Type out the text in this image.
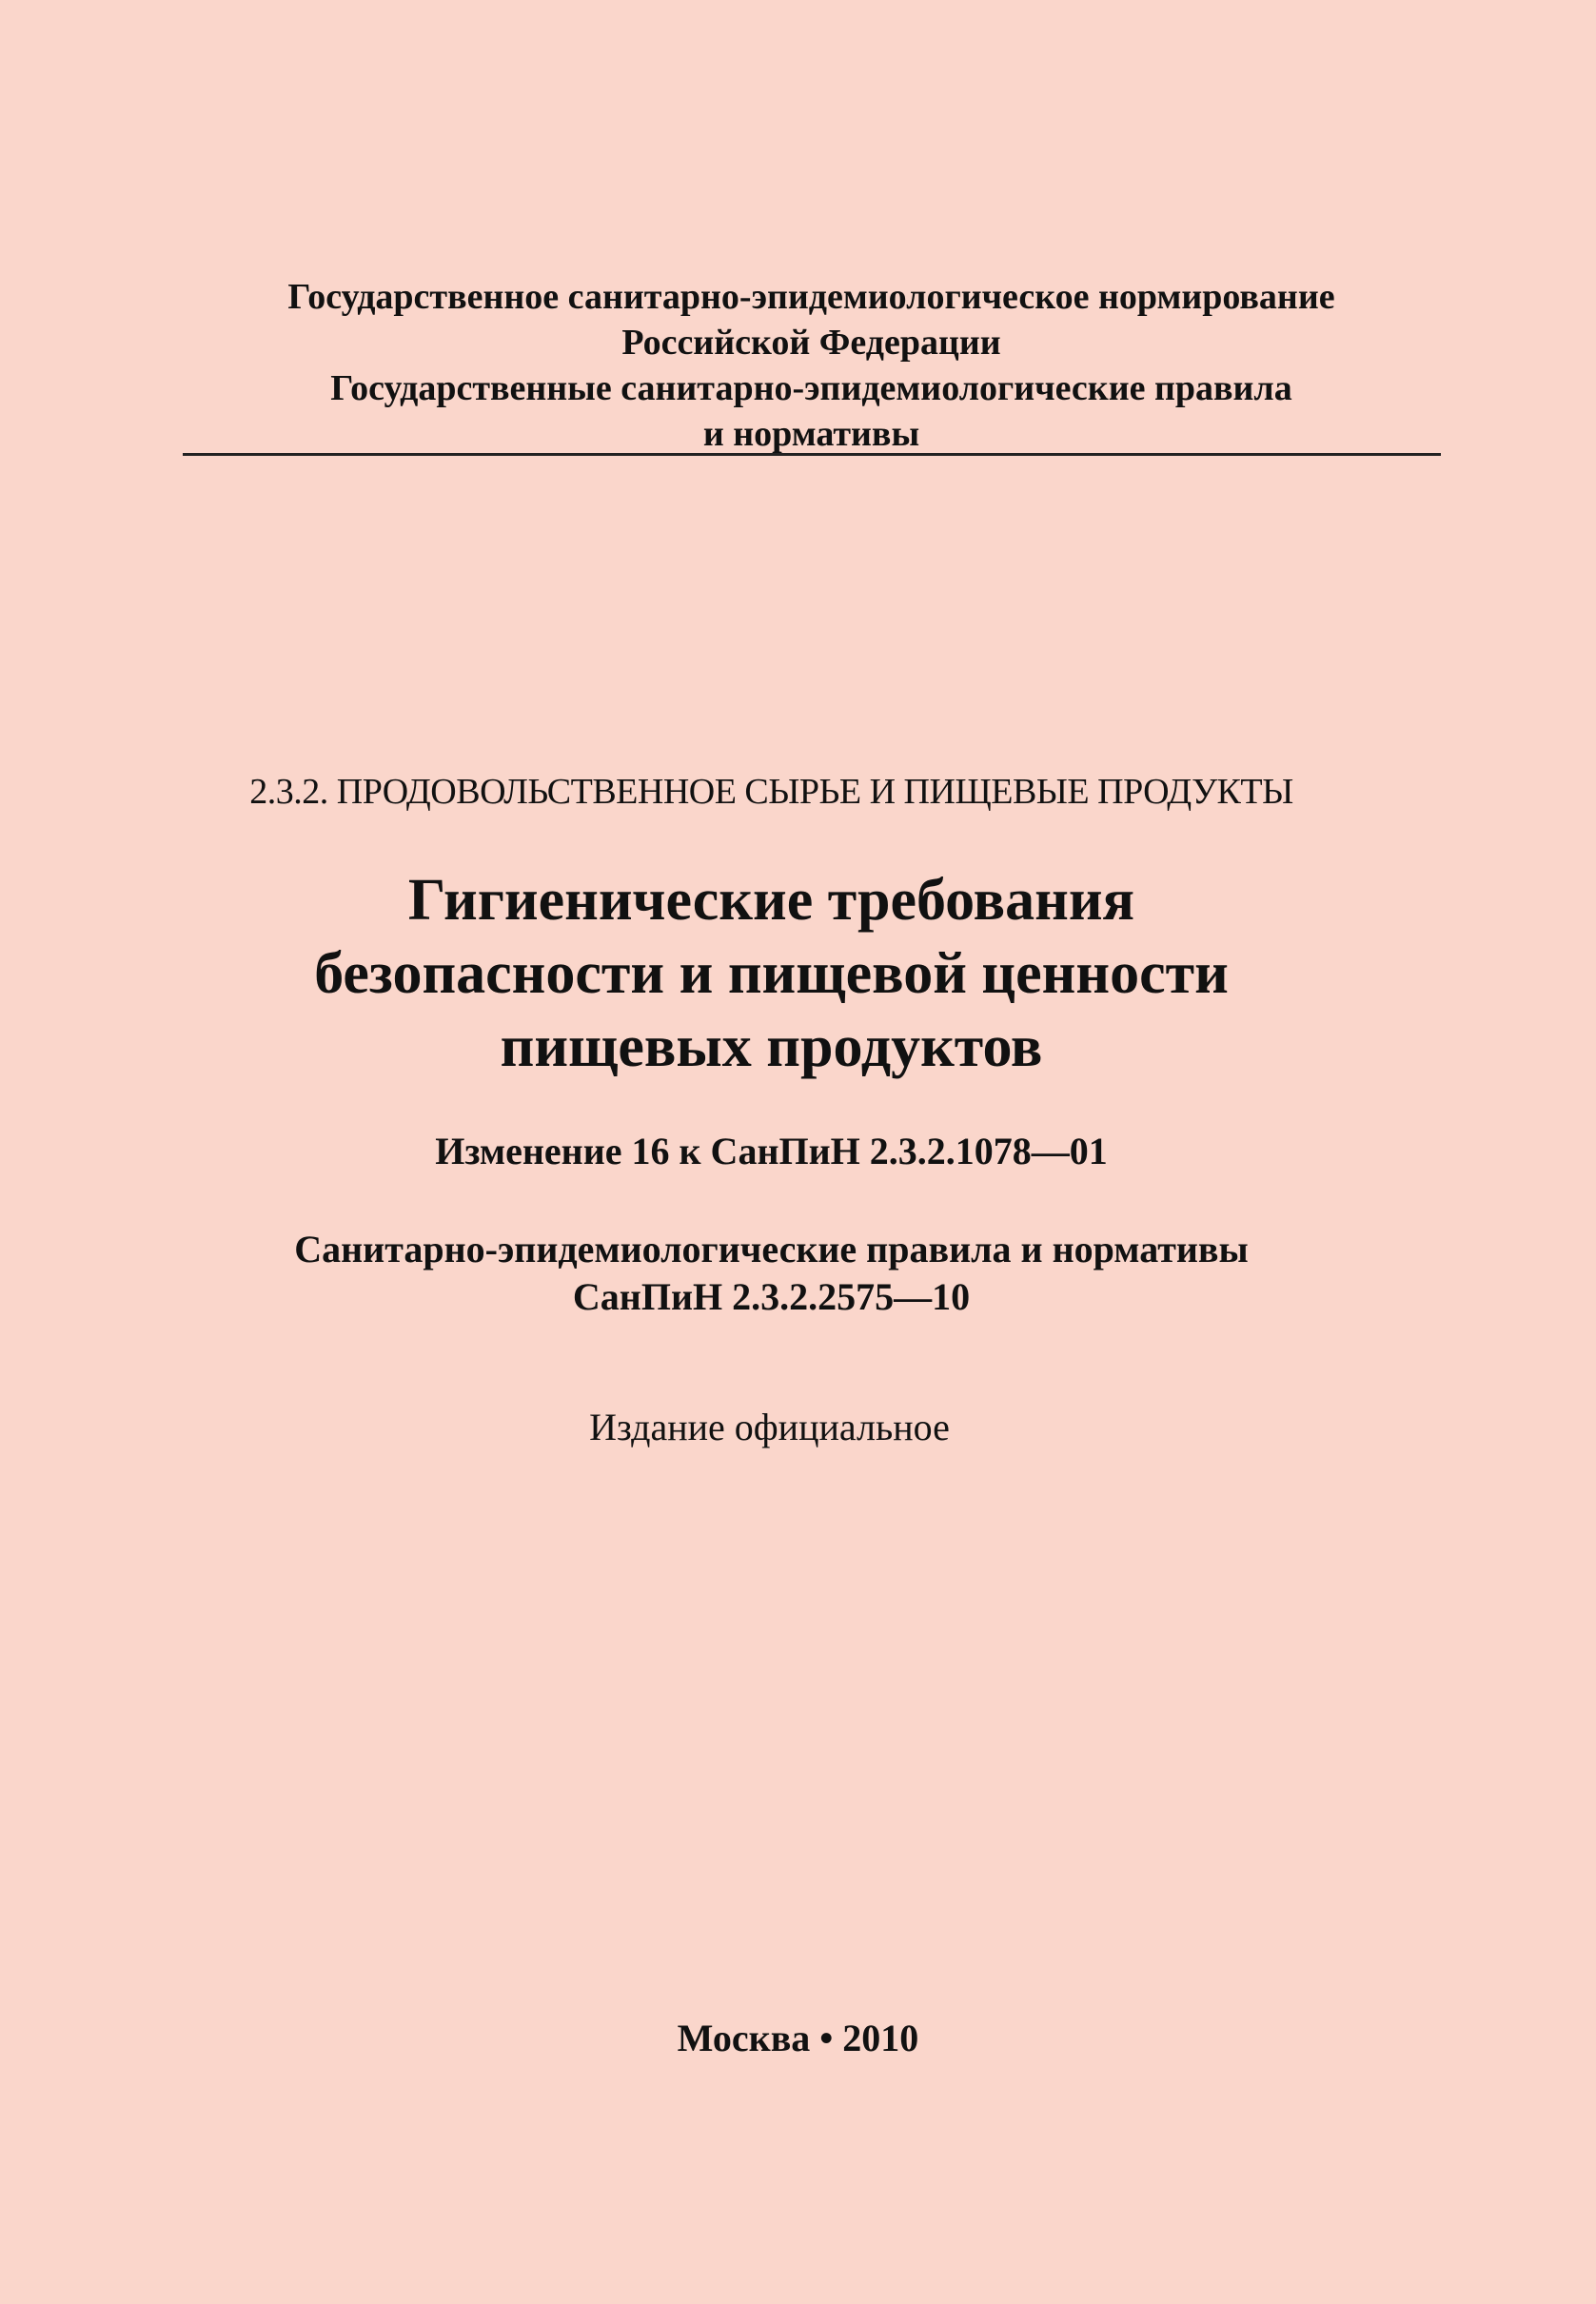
Государственное санитарно-эпидемиологическое нормирование
Российской Федерации
Государственные санитарно-эпидемиологические правила
и нормативы
2.3.2. ПРОДОВОЛЬСТВЕННОЕ СЫРЬЕ И ПИЩЕВЫЕ ПРОДУКТЫ
Гигиенические требования
безопасности и пищевой ценности
пищевых продуктов
Изменение 16 к СанПиН 2.3.2.1078—01
Санитарно-эпидемиологические правила и нормативы
СанПиН 2.3.2.2575—10
Издание официальное
Москва • 2010
